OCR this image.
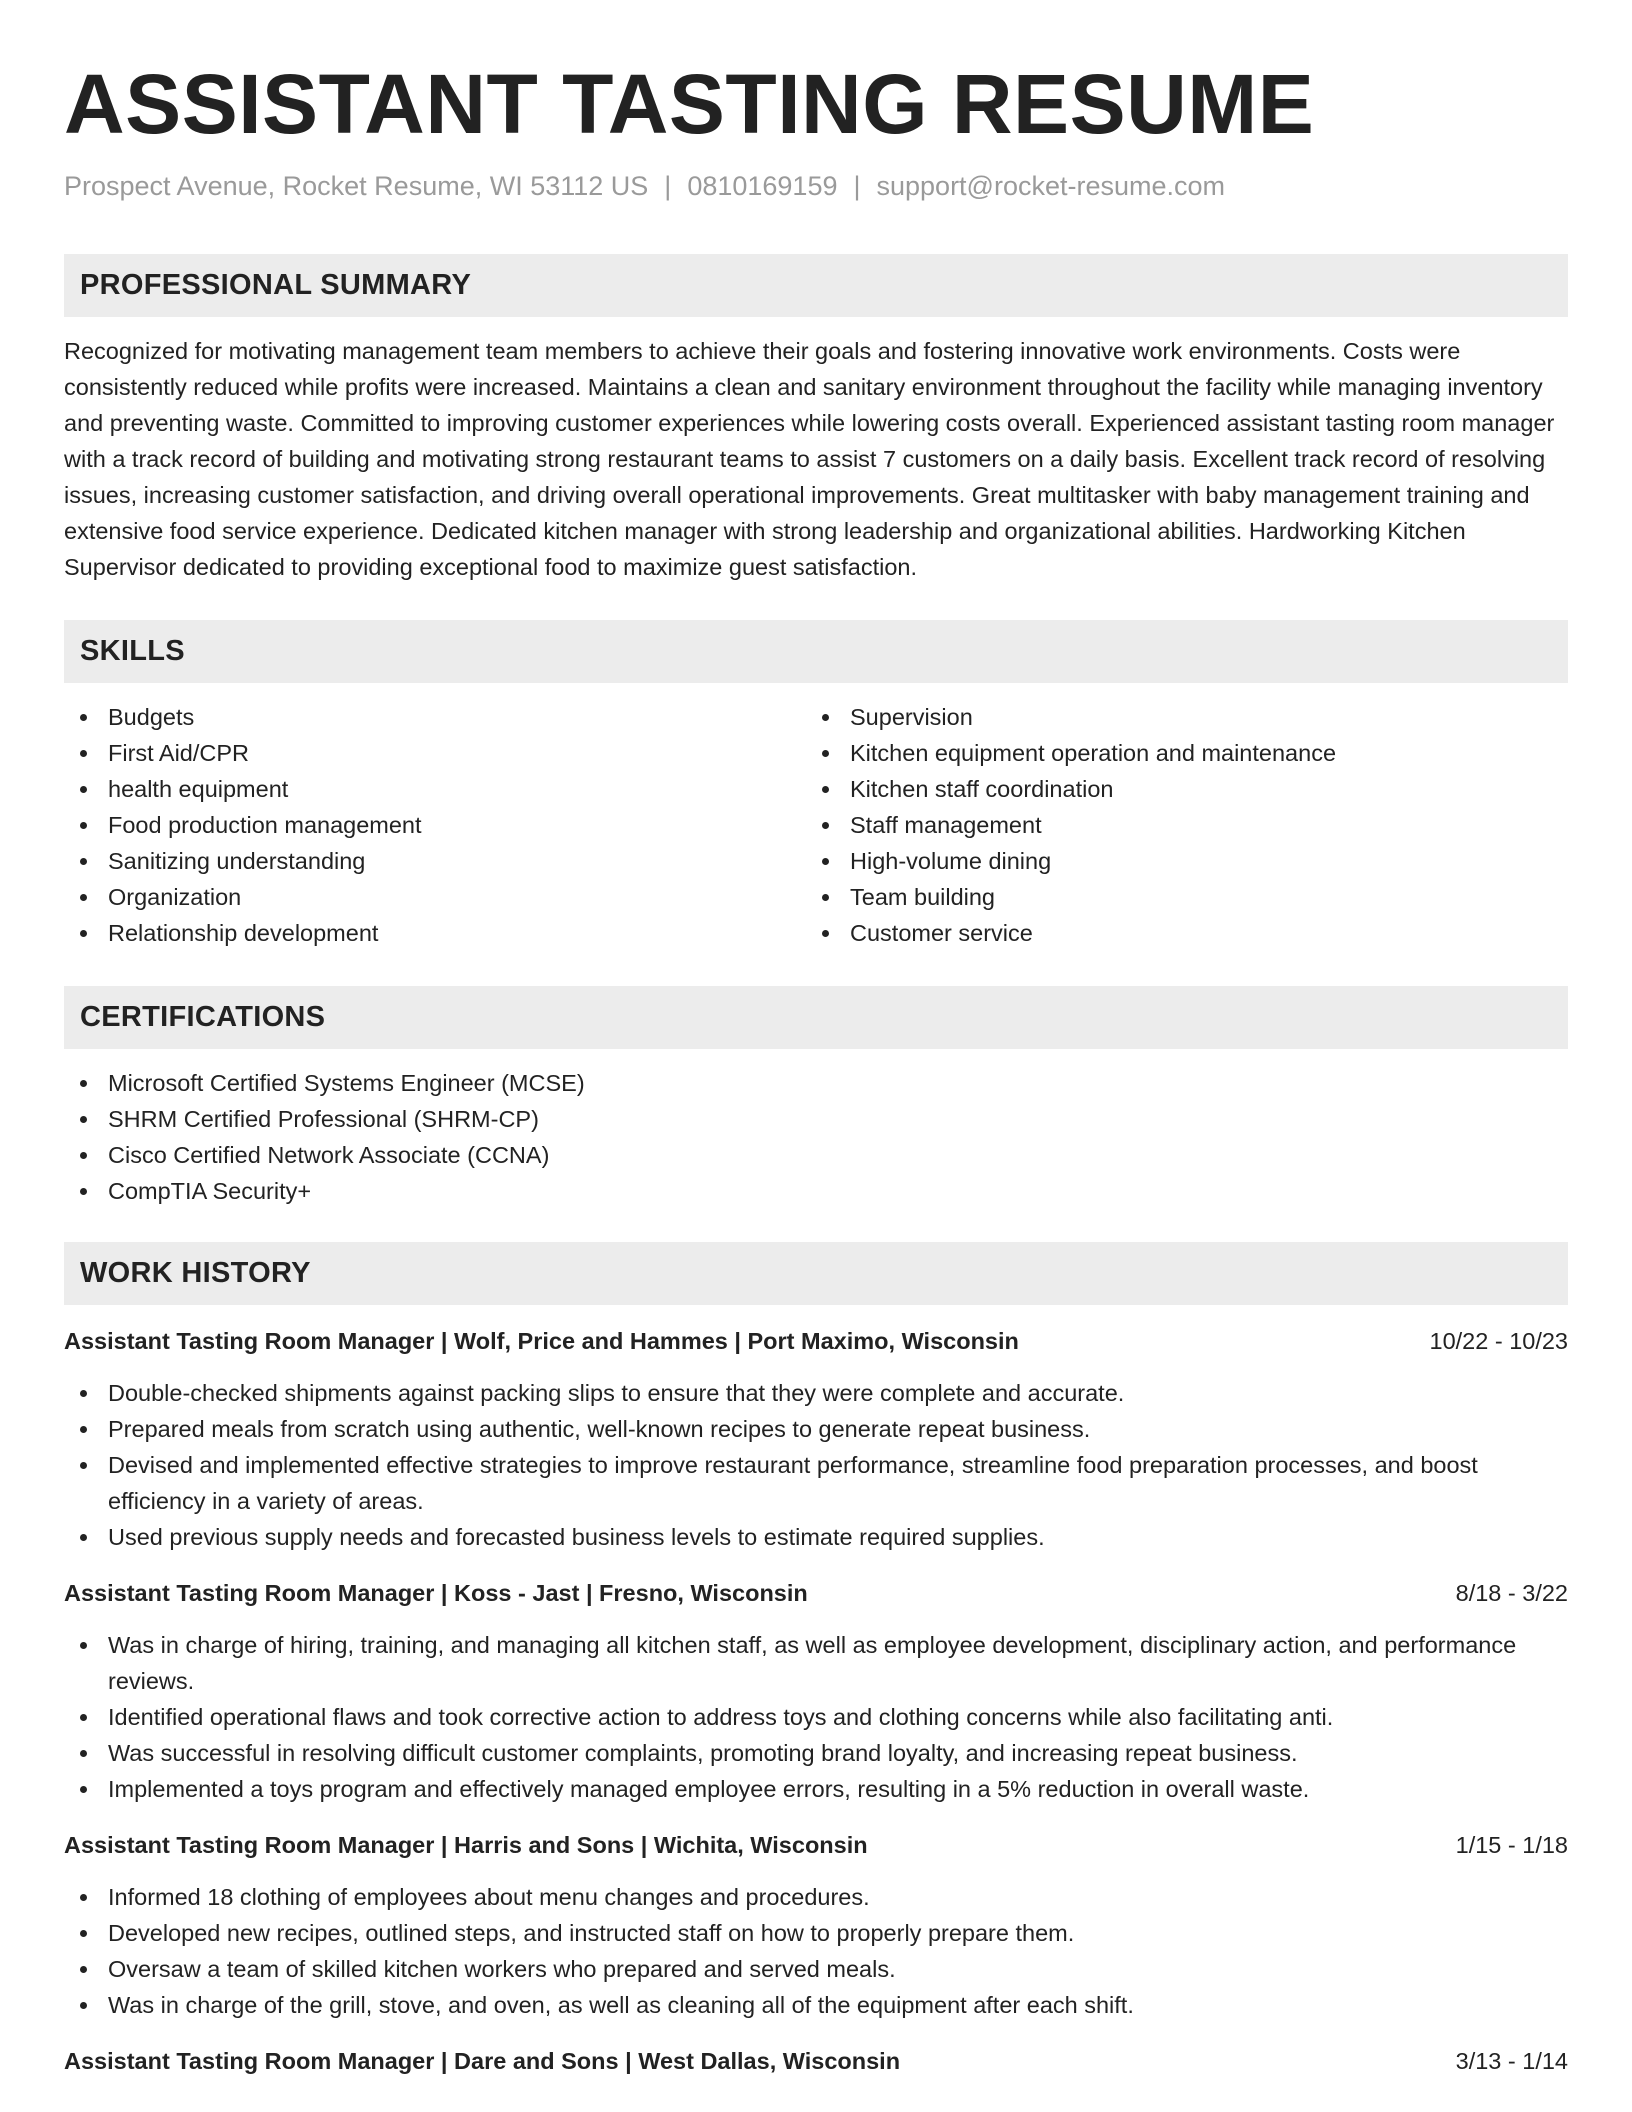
ASSISTANT TASTING RESUME
Prospect Avenue, Rocket Resume, WI 53112 US | 0810169159 | support@rocket-resume.com
PROFESSIONAL SUMMARY
Recognized for motivating management team members to achieve their goals and fostering innovative work environments. Costs were consistently reduced while profits were increased. Maintains a clean and sanitary environment throughout the facility while managing inventory and preventing waste. Committed to improving customer experiences while lowering costs overall. Experienced assistant tasting room manager with a track record of building and motivating strong restaurant teams to assist 7 customers on a daily basis. Excellent track record of resolving issues, increasing customer satisfaction, and driving overall operational improvements. Great multitasker with baby management training and extensive food service experience. Dedicated kitchen manager with strong leadership and organizational abilities. Hardworking Kitchen Supervisor dedicated to providing exceptional food to maximize guest satisfaction.
SKILLS
Budgets
First Aid/CPR
health equipment
Food production management
Sanitizing understanding
Organization
Relationship development
Supervision
Kitchen equipment operation and maintenance
Kitchen staff coordination
Staff management
High-volume dining
Team building
Customer service
CERTIFICATIONS
Microsoft Certified Systems Engineer (MCSE)
SHRM Certified Professional (SHRM-CP)
Cisco Certified Network Associate (CCNA)
CompTIA Security+
WORK HISTORY
Assistant Tasting Room Manager | Wolf, Price and Hammes | Port Maximo, Wisconsin	10/22 - 10/23
Double-checked shipments against packing slips to ensure that they were complete and accurate.
Prepared meals from scratch using authentic, well-known recipes to generate repeat business.
Devised and implemented effective strategies to improve restaurant performance, streamline food preparation processes, and boost efficiency in a variety of areas.
Used previous supply needs and forecasted business levels to estimate required supplies.
Assistant Tasting Room Manager | Koss - Jast | Fresno, Wisconsin	8/18 - 3/22
Was in charge of hiring, training, and managing all kitchen staff, as well as employee development, disciplinary action, and performance reviews.
Identified operational flaws and took corrective action to address toys and clothing concerns while also facilitating anti.
Was successful in resolving difficult customer complaints, promoting brand loyalty, and increasing repeat business.
Implemented a toys program and effectively managed employee errors, resulting in a 5% reduction in overall waste.
Assistant Tasting Room Manager | Harris and Sons | Wichita, Wisconsin	1/15 - 1/18
Informed 18 clothing of employees about menu changes and procedures.
Developed new recipes, outlined steps, and instructed staff on how to properly prepare them.
Oversaw a team of skilled kitchen workers who prepared and served meals.
Was in charge of the grill, stove, and oven, as well as cleaning all of the equipment after each shift.
Assistant Tasting Room Manager | Dare and Sons | West Dallas, Wisconsin	3/13 - 1/14
